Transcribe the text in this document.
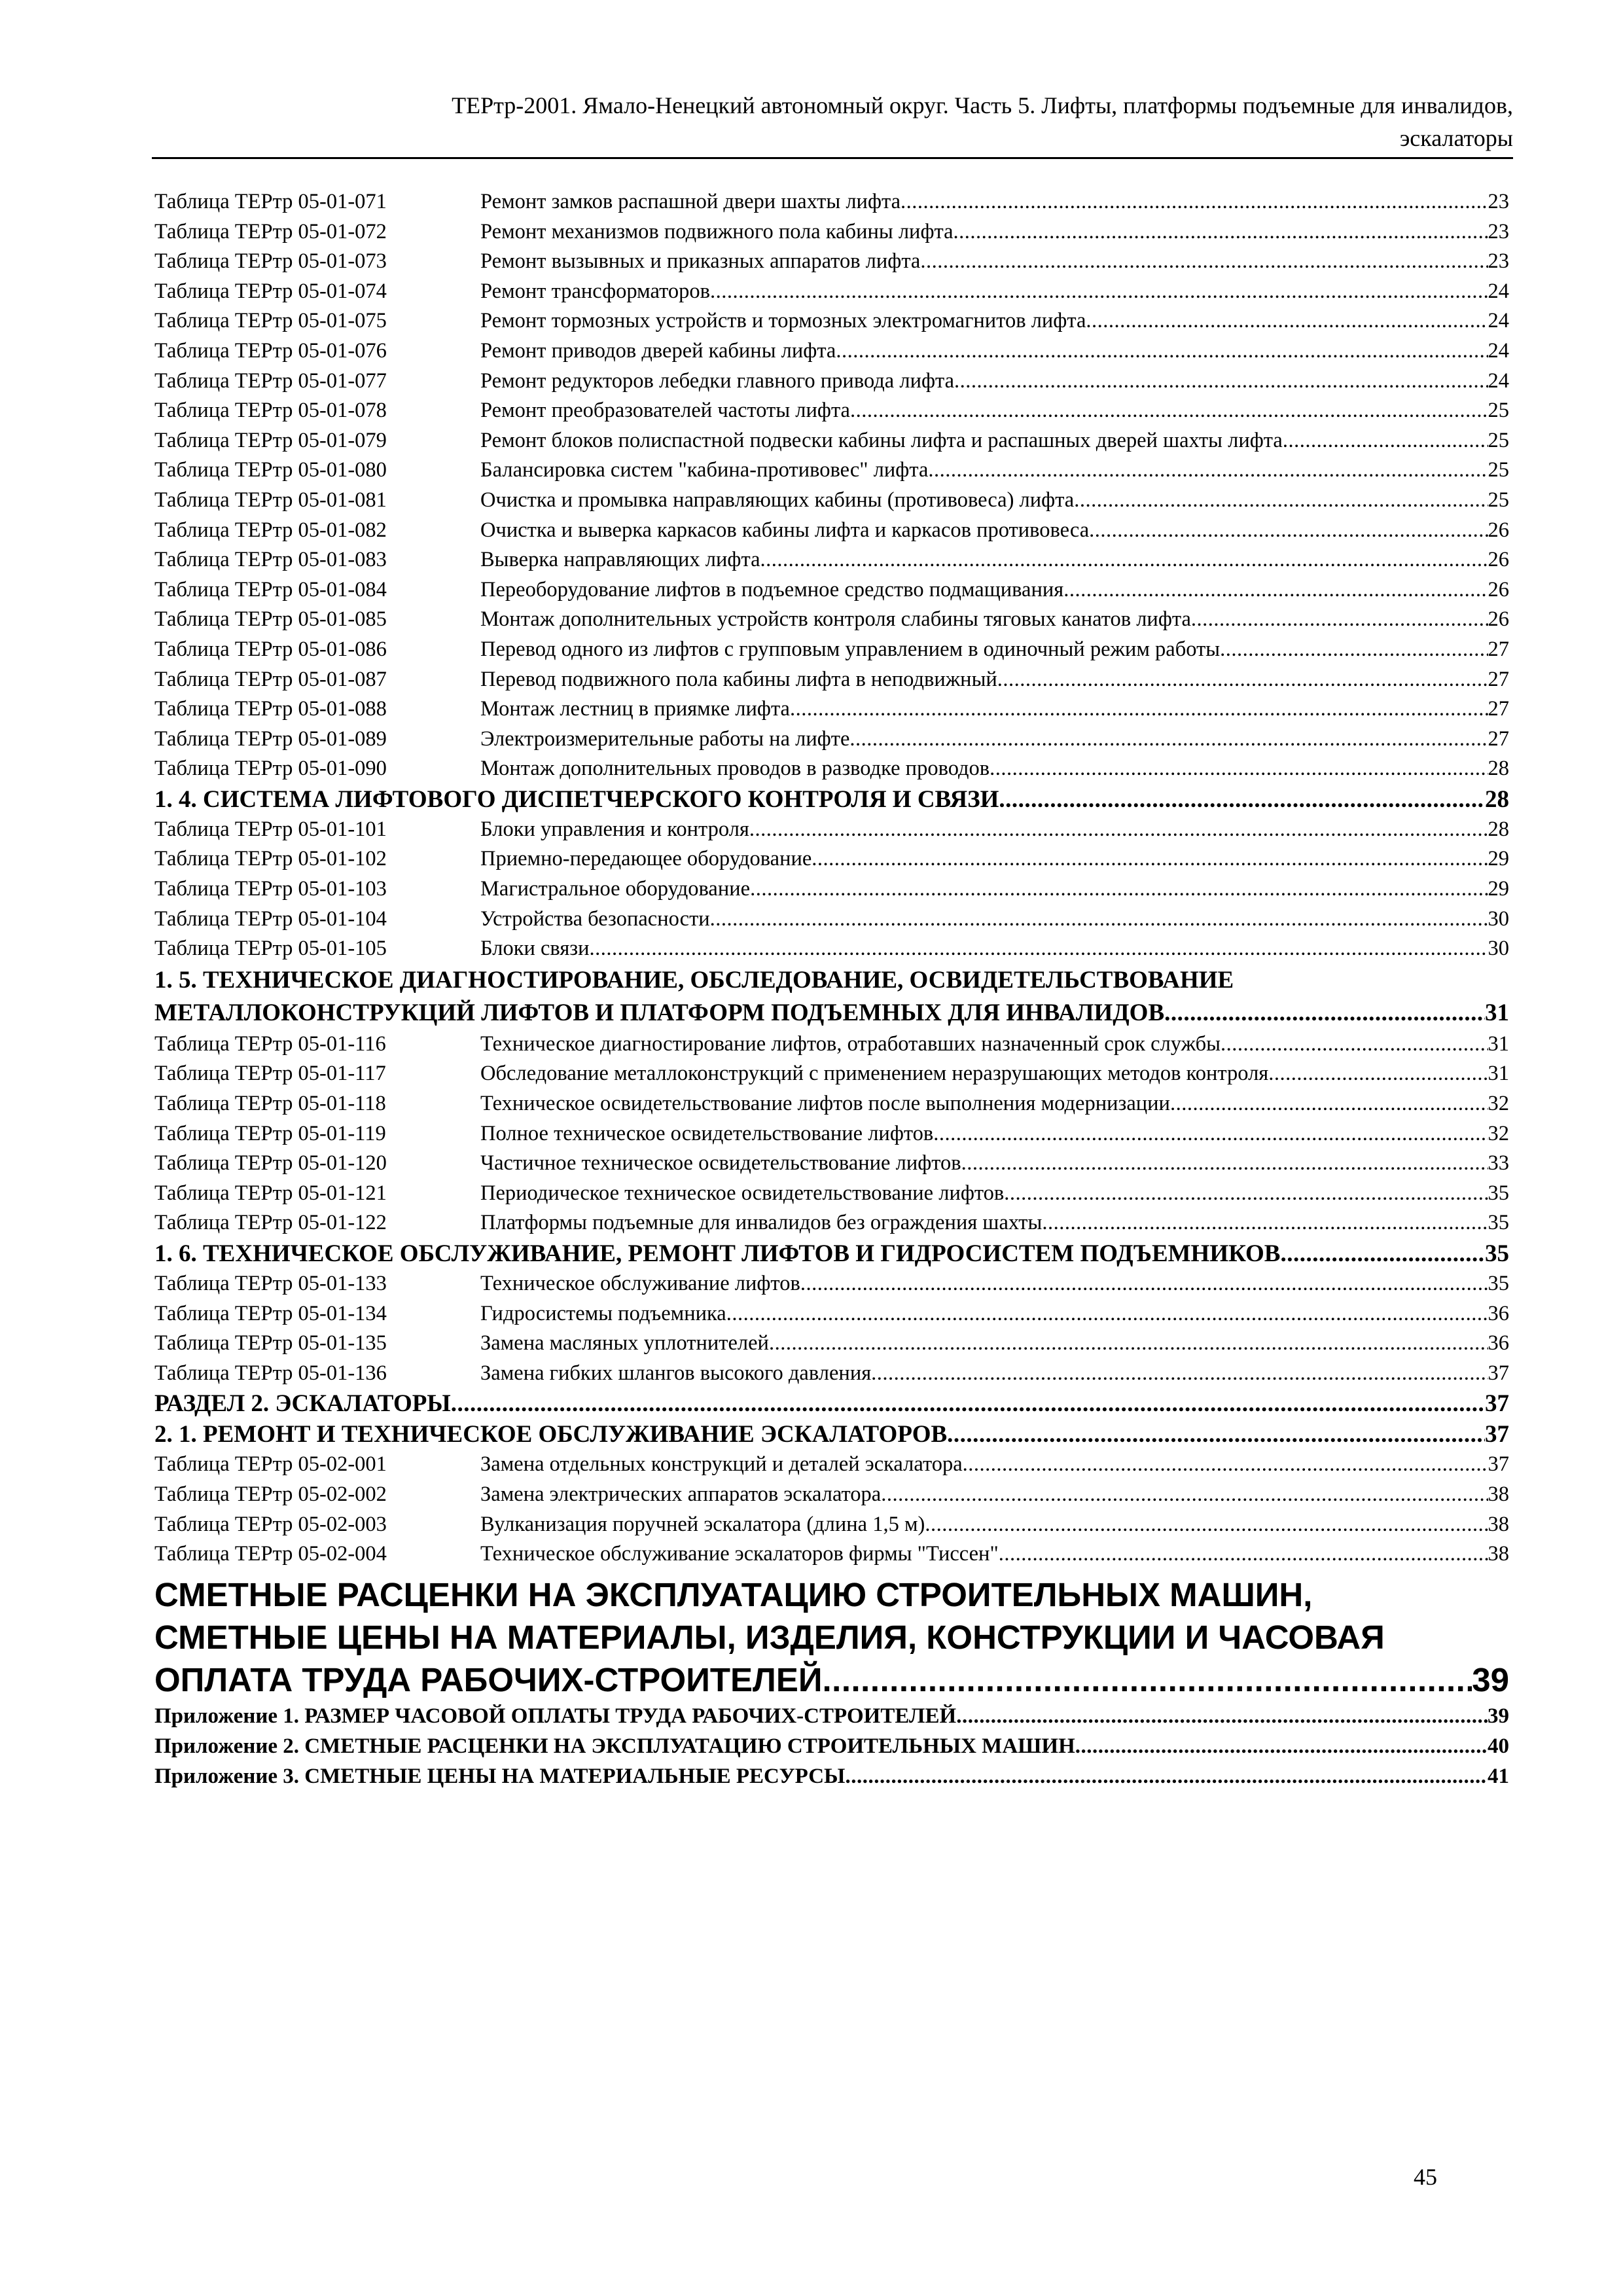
ТЕРтр-2001. Ямало-Ненецкий автономный округ. Часть 5. Лифты, платформы подъемные для инвалидов,
эскалаторы
Таблица ТЕРтр 05-01-071	Ремонт замков распашной двери шахты лифта .....	23
Таблица ТЕРтр 05-01-072	Ремонт механизмов подвижного пола кабины лифта .....	23
Таблица ТЕРтр 05-01-073	Ремонт вызывных и приказных аппаратов лифта .....	23
Таблица ТЕРтр 05-01-074	Ремонт трансформаторов .....	24
Таблица ТЕРтр 05-01-075	Ремонт тормозных устройств и тормозных электромагнитов лифта .....	24
Таблица ТЕРтр 05-01-076	Ремонт приводов дверей кабины лифта .....	24
Таблица ТЕРтр 05-01-077	Ремонт редукторов лебедки главного привода лифта .....	24
Таблица ТЕРтр 05-01-078	Ремонт преобразователей частоты лифта .....	25
Таблица ТЕРтр 05-01-079	Ремонт блоков полиспастной подвески кабины лифта и распашных дверей шахты лифта .....	25
Таблица ТЕРтр 05-01-080	Балансировка систем "кабина-противовес" лифта .....	25
Таблица ТЕРтр 05-01-081	Очистка и промывка направляющих кабины (противовеса) лифта .....	25
Таблица ТЕРтр 05-01-082	Очистка и выверка каркасов кабины лифта и каркасов противовеса .....	26
Таблица ТЕРтр 05-01-083	Выверка направляющих лифта .....	26
Таблица ТЕРтр 05-01-084	Переоборудование лифтов в подъемное средство подмащивания .....	26
Таблица ТЕРтр 05-01-085	Монтаж дополнительных устройств контроля слабины тяговых канатов лифта .....	26
Таблица ТЕРтр 05-01-086	Перевод одного из лифтов с групповым управлением в одиночный режим работы .....	27
Таблица ТЕРтр 05-01-087	Перевод подвижного пола кабины лифта в неподвижный .....	27
Таблица ТЕРтр 05-01-088	Монтаж лестниц в приямке лифта .....	27
Таблица ТЕРтр 05-01-089	Электроизмерительные работы на лифте .....	27
Таблица ТЕРтр 05-01-090	Монтаж дополнительных проводов в разводке проводов .....	28
1. 4. СИСТЕМА ЛИФТОВОГО ДИСПЕТЧЕРСКОГО КОНТРОЛЯ И СВЯЗИ .....	28
Таблица ТЕРтр 05-01-101	Блоки управления и контроля .....	28
Таблица ТЕРтр 05-01-102	Приемно-передающее оборудование .....	29
Таблица ТЕРтр 05-01-103	Магистральное оборудование .....	29
Таблица ТЕРтр 05-01-104	Устройства безопасности .....	30
Таблица ТЕРтр 05-01-105	Блоки связи .....	30
1. 5. ТЕХНИЧЕСКОЕ ДИАГНОСТИРОВАНИЕ, ОБСЛЕДОВАНИЕ, ОСВИДЕТЕЛЬСТВОВАНИЕ
МЕТАЛЛОКОНСТРУКЦИЙ ЛИФТОВ И ПЛАТФОРМ ПОДЪЕМНЫХ ДЛЯ ИНВАЛИДОВ .....	31
Таблица ТЕРтр 05-01-116	Техническое диагностирование лифтов, отработавших назначенный срок службы .....	31
Таблица ТЕРтр 05-01-117	Обследование металлоконструкций с применением неразрушающих методов контроля .....	31
Таблица ТЕРтр 05-01-118	Техническое освидетельствование лифтов после выполнения модернизации .....	32
Таблица ТЕРтр 05-01-119	Полное техническое освидетельствование лифтов .....	32
Таблица ТЕРтр 05-01-120	Частичное техническое освидетельствование лифтов .....	33
Таблица ТЕРтр 05-01-121	Периодическое техническое освидетельствование лифтов .....	35
Таблица ТЕРтр 05-01-122	Платформы подъемные для инвалидов без ограждения шахты .....	35
1. 6. ТЕХНИЧЕСКОЕ ОБСЛУЖИВАНИЕ, РЕМОНТ ЛИФТОВ И ГИДРОСИСТЕМ ПОДЪЕМНИКОВ .....	35
Таблица ТЕРтр 05-01-133	Техническое обслуживание лифтов .....	35
Таблица ТЕРтр 05-01-134	Гидросистемы подъемника .....	36
Таблица ТЕРтр 05-01-135	Замена масляных уплотнителей .....	36
Таблица ТЕРтр 05-01-136	Замена гибких шлангов высокого давления .....	37
РАЗДЕЛ 2. ЭСКАЛАТОРЫ .....	37
2. 1. РЕМОНТ И ТЕХНИЧЕСКОЕ ОБСЛУЖИВАНИЕ ЭСКАЛАТОРОВ .....	37
Таблица ТЕРтр 05-02-001	Замена отдельных конструкций и деталей эскалатора .....	37
Таблица ТЕРтр 05-02-002	Замена электрических аппаратов эскалатора .....	38
Таблица ТЕРтр 05-02-003	Вулканизация поручней эскалатора (длина 1,5 м) .....	38
Таблица ТЕРтр 05-02-004	Техническое обслуживание эскалаторов фирмы "Тиссен" .....	38
СМЕТНЫЕ РАСЦЕНКИ НА ЭКСПЛУАТАЦИЮ СТРОИТЕЛЬНЫХ МАШИН,
СМЕТНЫЕ ЦЕНЫ НА МАТЕРИАЛЫ, ИЗДЕЛИЯ, КОНСТРУКЦИИ И ЧАСОВАЯ
ОПЛАТА ТРУДА РАБОЧИХ-СТРОИТЕЛЕЙ .....	39
Приложение 1. РАЗМЕР ЧАСОВОЙ ОПЛАТЫ ТРУДА РАБОЧИХ-СТРОИТЕЛЕЙ .....	39
Приложение 2. СМЕТНЫЕ РАСЦЕНКИ НА ЭКСПЛУАТАЦИЮ СТРОИТЕЛЬНЫХ МАШИН .....	40
Приложение 3. СМЕТНЫЕ ЦЕНЫ НА МАТЕРИАЛЬНЫЕ РЕСУРСЫ .....	41
45
